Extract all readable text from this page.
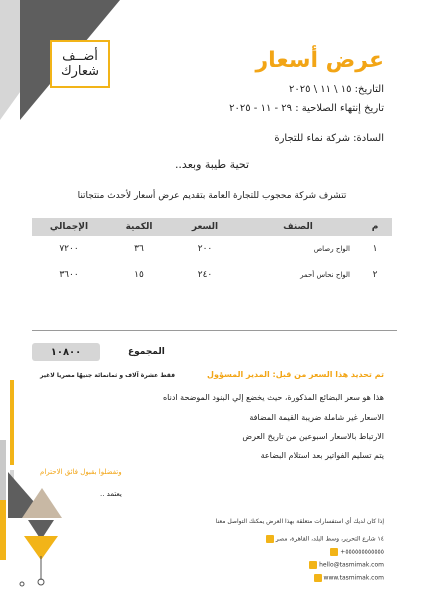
أضــف
شعارك	عرض أسعار
التاريخ: ١٥ \ ١١ \ ٢٠٢٥
تاريخ إنتهاء الصلاحية : ٢٩ - ١١ - ٢٠٢٥
السادة: شركة نماء للتجارة
تحية طيبة وبعد..
تتشرف شركة محجوب للتجارة العامة بتقديم عرض أسعار لأحدث منتجاتنا
م	الصنف	السعر	الكمية	الإجمالي
١	الواح رصاص	٢٠٠	٣٦	٧٢٠٠
٢	الواح نحاس أحمر	٢٤٠	١٥	٣٦٠٠
المجموع
١٠٨٠٠
تم تحديد هذا السعر من قبل: المدير المسؤول
فقط عشرة آلاف و ثمانمائة جنيهًا مصريا لاغير
هذا هو سعر البضائع المذكورة، حيث يخضع إلي البنود الموضحة ادناه
الاسعار غير شاملة ضريبة القيمة المضافة
الارتباط بالاسعار اسبوعين من تاريخ العرض
يتم تسليم الفواتير بعد استلام البضاعة
وتفضلوا بقبول فائق الاحترام
يعتمد ..
إذا كان لديك أي استفسارات متعلقة بهذا العرض يمكنك التواصل معنا
١٤ شارع التحرير، وسط البلد، القاهرة، مصر
٥٥٥٥٥٥٥٥٥٥٥٥+
hello@tasmimak.com
www.tasmimak.com
